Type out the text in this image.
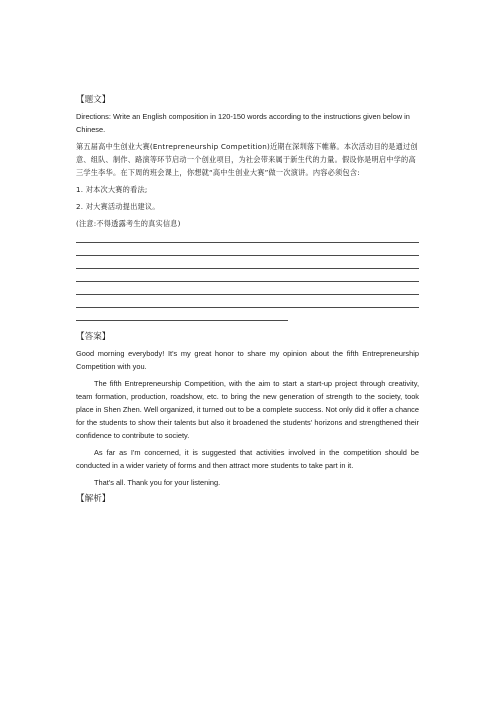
【题文】

Directions: Write an English composition in 120-150 words according to the instructions given below in Chinese.

第五届高中生创业大赛(Entrepreneurship Competition)近期在深圳落下帷幕。本次活动目的是通过创意、组队、制作、路演等环节启动一个创业项目，为社会带来属于新生代的力量。假设你是明启中学的高三学生李华。在下周的班会课上，你想就“高中生创业大赛”做一次演讲。内容必须包含:

1. 对本次大赛的看法;

2. 对大赛活动提出建议。

(注意:不得透露考生的真实信息)

【答案】

Good morning everybody! It's my great honor to share my opinion about the fifth Entrepreneurship Competition with you.

The fifth Entrepreneurship Competition, with the aim to start a start-up project through creativity, team formation, production, roadshow, etc. to bring the new generation of strength to the society, took place in Shen Zhen. Well organized, it turned out to be a complete success. Not only did it offer a chance for the students to show their talents but also it broadened the students' horizons and strengthened their confidence to contribute to society.

As far as I'm concerned, it is suggested that activities involved in the competition should be conducted in a wider variety of forms and then attract more students to take part in it.

That's all. Thank you for your listening.

【解析】
